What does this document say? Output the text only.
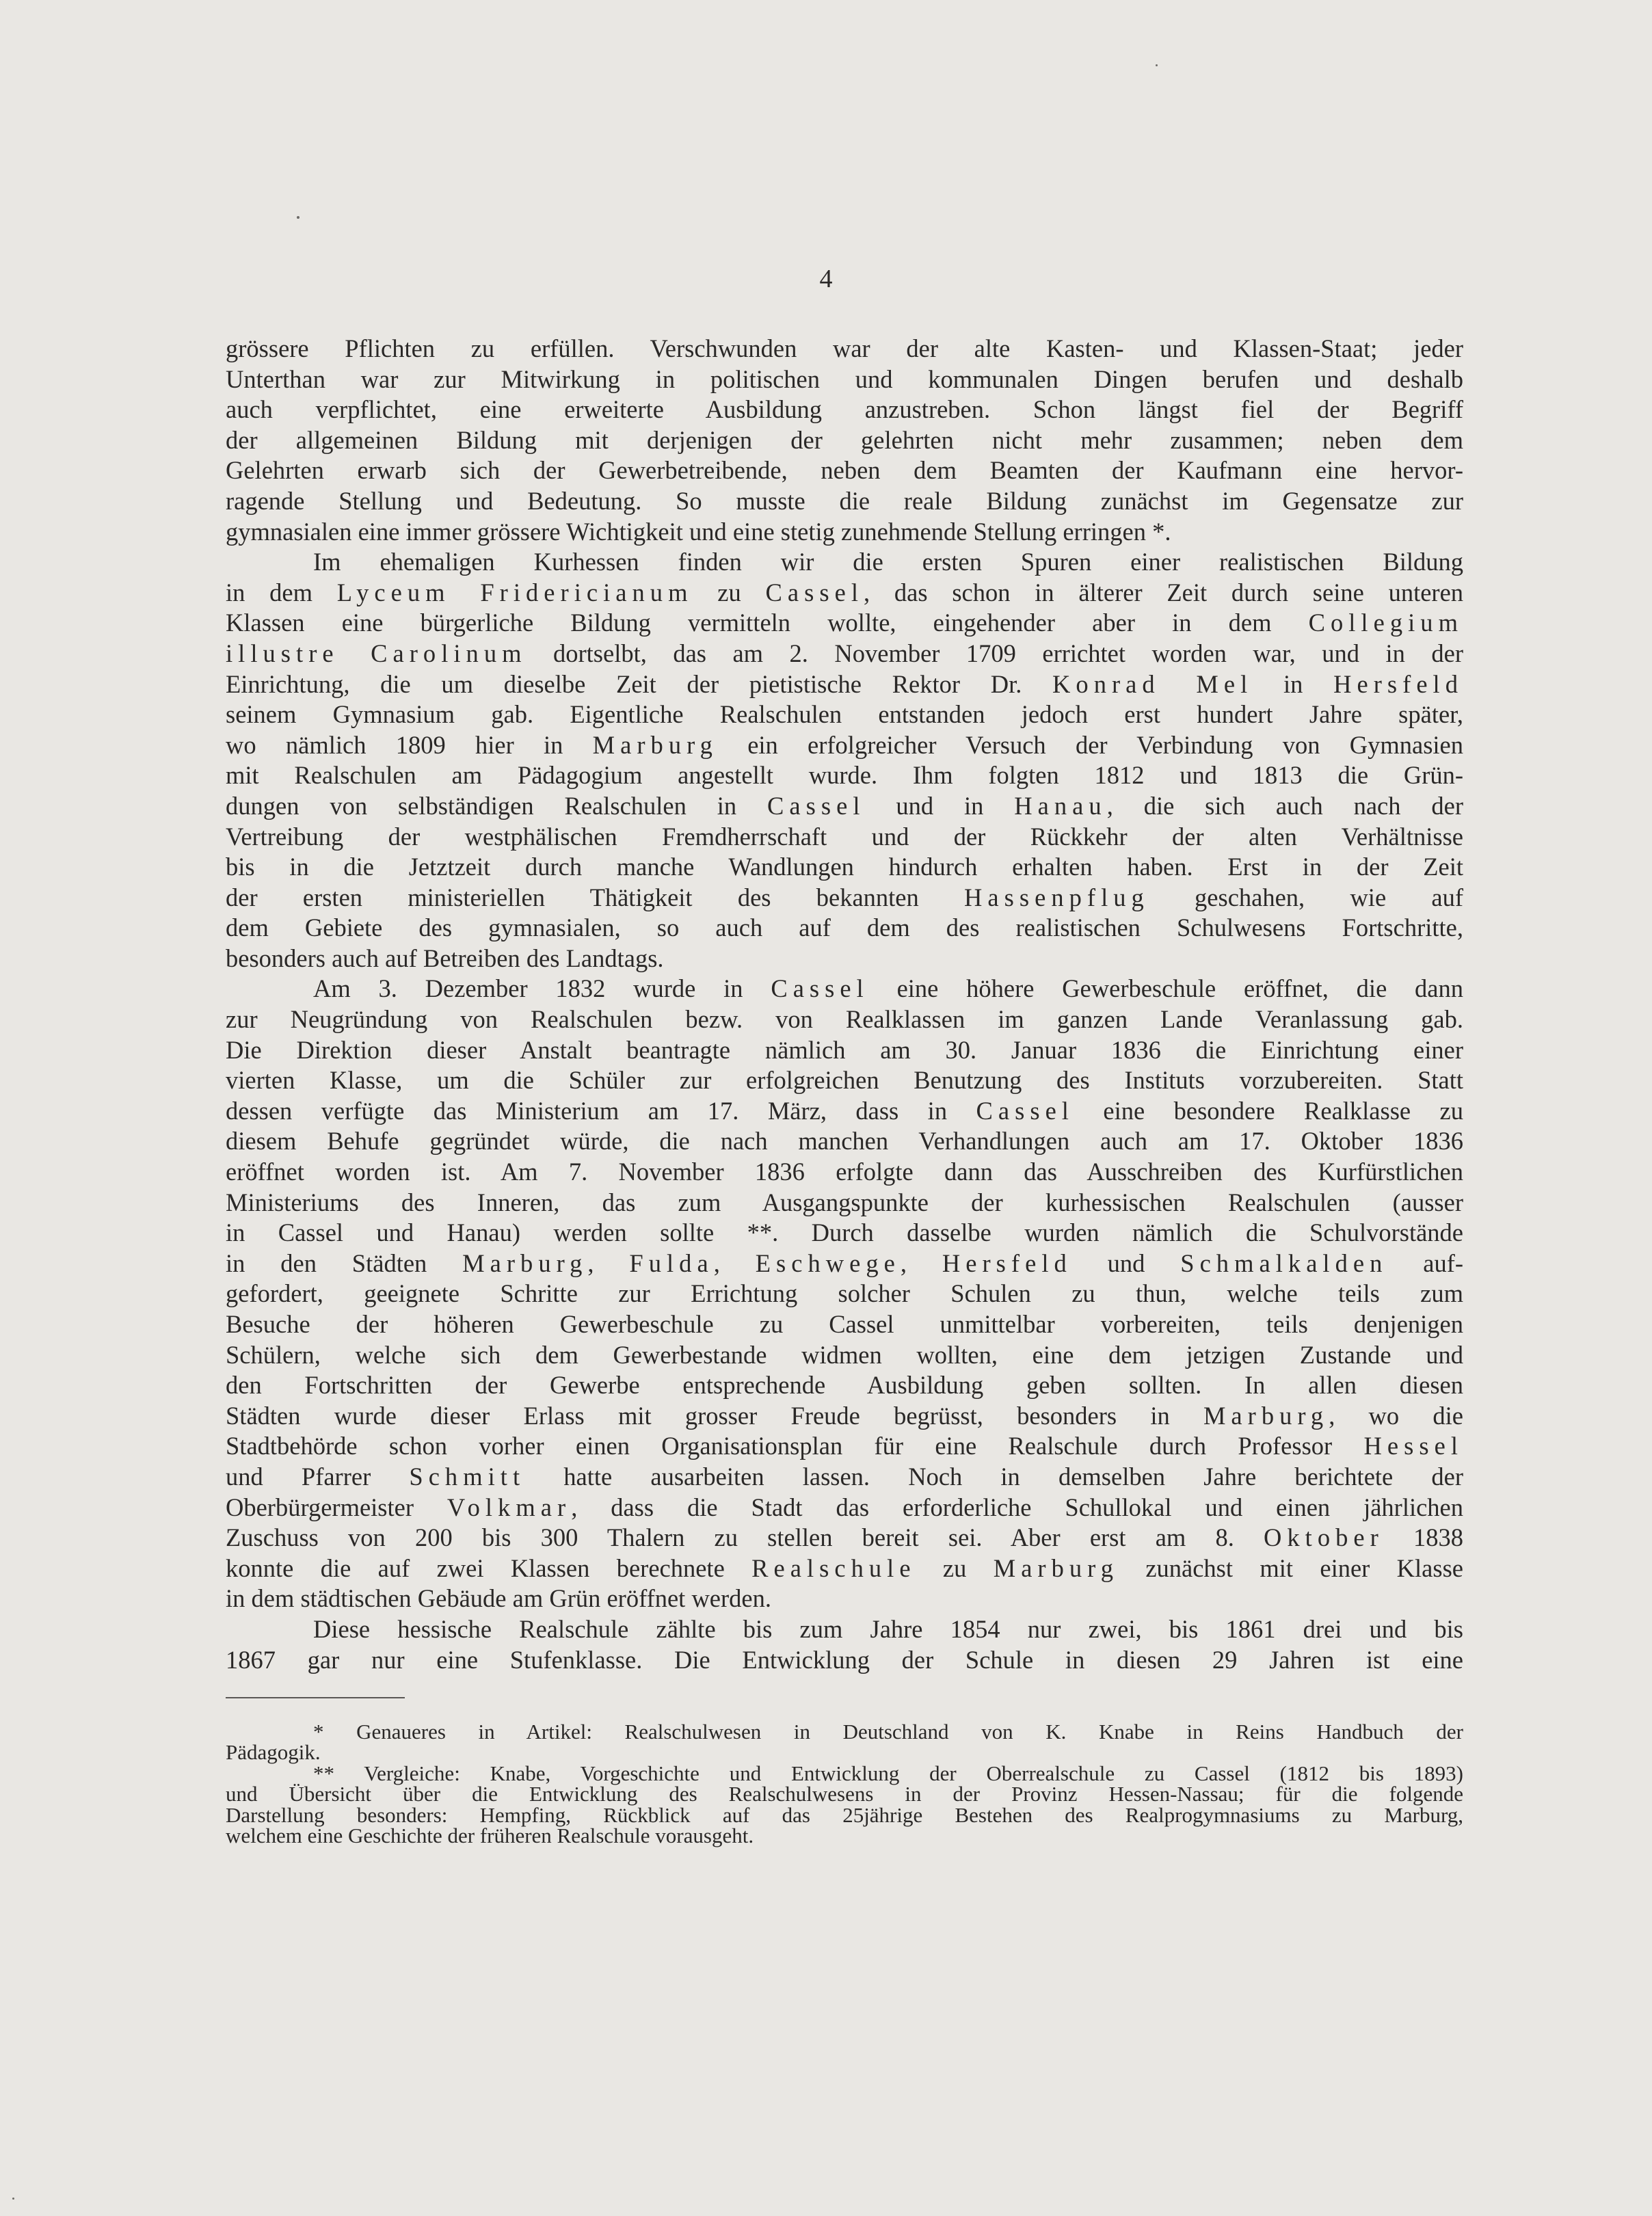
4
grössere Pflichten zu erfüllen. Verschwunden war der alte Kasten- und Klassen-Staat; jeder
Unterthan war zur Mitwirkung in politischen und kommunalen Dingen berufen und deshalb
auch verpflichtet, eine erweiterte Ausbildung anzustreben. Schon längst fiel der Begriff
der allgemeinen Bildung mit derjenigen der gelehrten nicht mehr zusammen; neben dem
Gelehrten erwarb sich der Gewerbetreibende, neben dem Beamten der Kaufmann eine hervor-
ragende Stellung und Bedeutung. So musste die reale Bildung zunächst im Gegensatze zur
gymnasialen eine immer grössere Wichtigkeit und eine stetig zunehmende Stellung erringen *.
Im ehemaligen Kurhessen finden wir die ersten Spuren einer realistischen Bildung
in dem Lyceum Fridericianum zu Cassel, das schon in älterer Zeit durch seine unteren
Klassen eine bürgerliche Bildung vermitteln wollte, eingehender aber in dem Collegium
illustre Carolinum dortselbt, das am 2. November 1709 errichtet worden war, und in der
Einrichtung, die um dieselbe Zeit der pietistische Rektor Dr. Konrad Mel in Hersfeld
seinem Gymnasium gab. Eigentliche Realschulen entstanden jedoch erst hundert Jahre später,
wo nämlich 1809 hier in Marburg ein erfolgreicher Versuch der Verbindung von Gymnasien
mit Realschulen am Pädagogium angestellt wurde. Ihm folgten 1812 und 1813 die Grün-
dungen von selbständigen Realschulen in Cassel und in Hanau, die sich auch nach der
Vertreibung der westphälischen Fremdherrschaft und der Rückkehr der alten Verhältnisse
bis in die Jetztzeit durch manche Wandlungen hindurch erhalten haben. Erst in der Zeit
der ersten ministeriellen Thätigkeit des bekannten Hassenpflug geschahen, wie auf
dem Gebiete des gymnasialen, so auch auf dem des realistischen Schulwesens Fortschritte,
besonders auch auf Betreiben des Landtags.
Am 3. Dezember 1832 wurde in Cassel eine höhere Gewerbeschule eröffnet, die dann
zur Neugründung von Realschulen bezw. von Realklassen im ganzen Lande Veranlassung gab.
Die Direktion dieser Anstalt beantragte nämlich am 30. Januar 1836 die Einrichtung einer
vierten Klasse, um die Schüler zur erfolgreichen Benutzung des Instituts vorzubereiten. Statt
dessen verfügte das Ministerium am 17. März, dass in Cassel eine besondere Realklasse zu
diesem Behufe gegründet würde, die nach manchen Verhandlungen auch am 17. Oktober 1836
eröffnet worden ist. Am 7. November 1836 erfolgte dann das Ausschreiben des Kurfürstlichen
Ministeriums des Inneren, das zum Ausgangspunkte der kurhessischen Realschulen (ausser
in Cassel und Hanau) werden sollte **. Durch dasselbe wurden nämlich die Schulvorstände
in den Städten Marburg, Fulda, Eschwege, Hersfeld und Schmalkalden auf-
gefordert, geeignete Schritte zur Errichtung solcher Schulen zu thun, welche teils zum
Besuche der höheren Gewerbeschule zu Cassel unmittelbar vorbereiten, teils denjenigen
Schülern, welche sich dem Gewerbestande widmen wollten, eine dem jetzigen Zustande und
den Fortschritten der Gewerbe entsprechende Ausbildung geben sollten. In allen diesen
Städten wurde dieser Erlass mit grosser Freude begrüsst, besonders in Marburg, wo die
Stadtbehörde schon vorher einen Organisationsplan für eine Realschule durch Professor Hessel
und Pfarrer Schmitt hatte ausarbeiten lassen. Noch in demselben Jahre berichtete der
Oberbürgermeister Volkmar, dass die Stadt das erforderliche Schullokal und einen jährlichen
Zuschuss von 200 bis 300 Thalern zu stellen bereit sei. Aber erst am 8. Oktober 1838
konnte die auf zwei Klassen berechnete Realschule zu Marburg zunächst mit einer Klasse
in dem städtischen Gebäude am Grün eröffnet werden.
Diese hessische Realschule zählte bis zum Jahre 1854 nur zwei, bis 1861 drei und bis
1867 gar nur eine Stufenklasse. Die Entwicklung der Schule in diesen 29 Jahren ist eine
* Genaueres in Artikel: Realschulwesen in Deutschland von K. Knabe in Reins Handbuch der
Pädagogik.
** Vergleiche: Knabe, Vorgeschichte und Entwicklung der Oberrealschule zu Cassel (1812 bis 1893)
und Übersicht über die Entwicklung des Realschulwesens in der Provinz Hessen-Nassau; für die folgende
Darstellung besonders: Hempfing, Rückblick auf das 25jährige Bestehen des Realprogymnasiums zu Marburg,
welchem eine Geschichte der früheren Realschule vorausgeht.
